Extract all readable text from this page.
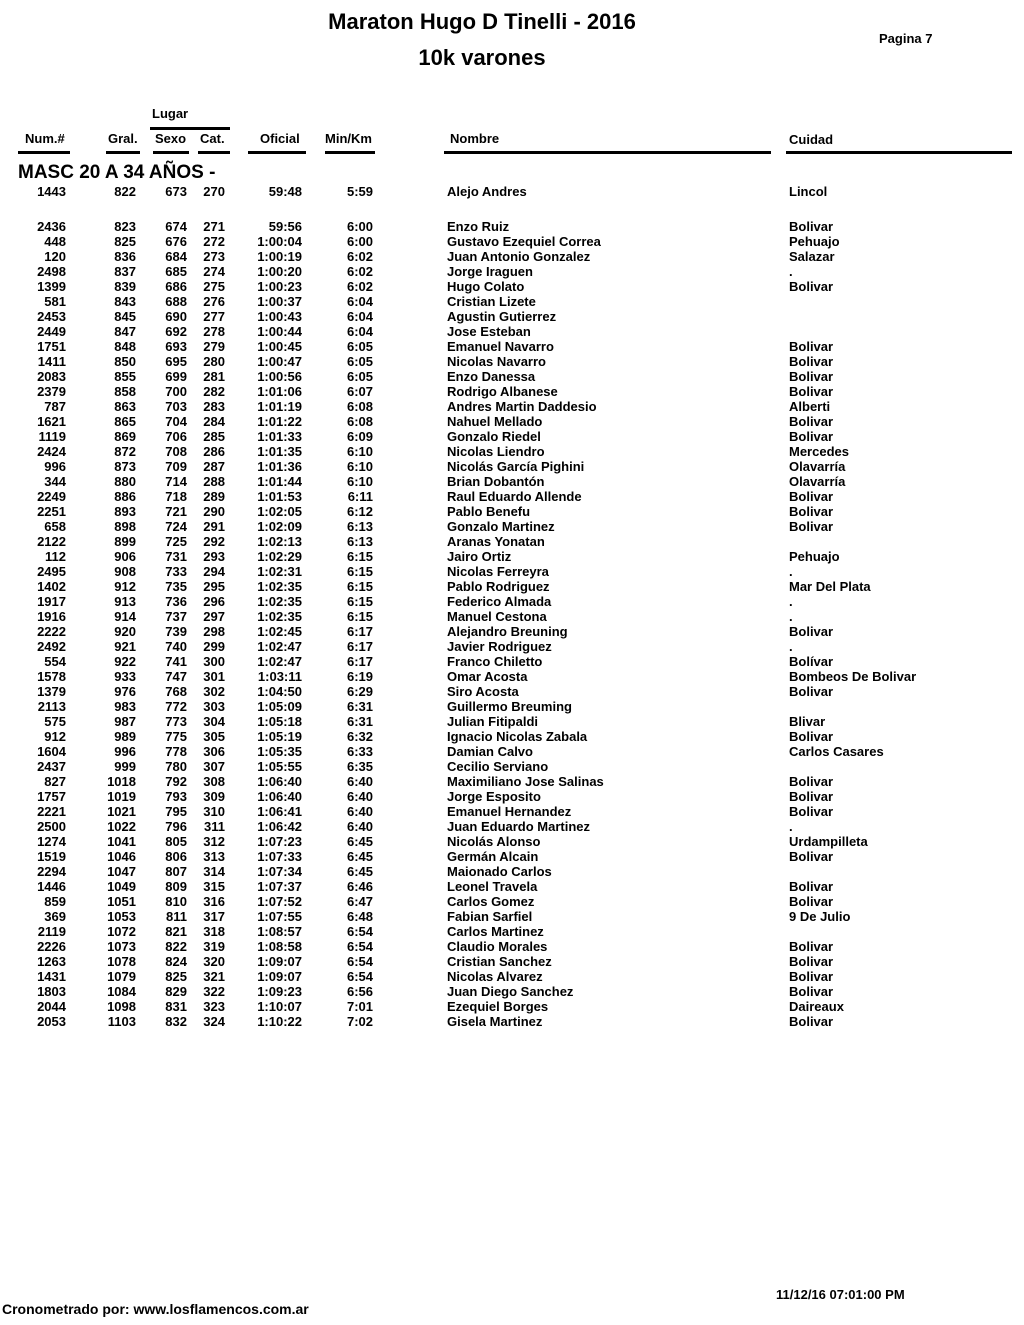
Maraton Hugo D Tinelli - 2016
10k varones
Pagina 7
Lugar
Num.#	Gral. Sexo Cat.	Oficial Min/Km	Nombre	Cuidad
MASC 20 A 34 AÑOS -
1443	822 673 270	59:48	5:59	Alejo Andres	Lincol
2436	823 674 271	59:56	6:00	Enzo Ruiz	Bolivar
448	825 676 272 1:00:04	6:00	Gustavo Ezequiel Correa	Pehuajo
120	836 684 273 1:00:19	6:02	Juan Antonio Gonzalez	Salazar
2498	837 685 274 1:00:20	6:02	Jorge Iraguen	.
1399	839 686 275 1:00:23	6:02	Hugo Colato	Bolivar
581	843 688 276 1:00:37	6:04	Cristian Lizete
2453	845 690 277 1:00:43	6:04	Agustin Gutierrez
2449	847 692 278 1:00:44	6:04	Jose Esteban
1751	848 693 279 1:00:45	6:05	Emanuel Navarro	Bolivar
1411	850 695 280 1:00:47	6:05	Nicolas Navarro	Bolivar
2083	855 699 281 1:00:56	6:05	Enzo Danessa	Bolivar
2379	858 700 282 1:01:06	6:07	Rodrigo Albanese	Bolivar
787	863 703 283 1:01:19	6:08	Andres Martin Daddesio	Alberti
1621	865 704 284 1:01:22	6:08	Nahuel Mellado	Bolivar
1119	869 706 285 1:01:33	6:09	Gonzalo Riedel	Bolivar
2424	872 708 286 1:01:35	6:10	Nicolas Liendro	Mercedes
996	873 709 287 1:01:36	6:10	Nicolás García Pighini	Olavarría
344	880 714 288 1:01:44	6:10	Brian Dobantón	Olavarría
2249	886 718 289 1:01:53	6:11	Raul Eduardo Allende	Bolivar
2251	893 721 290 1:02:05	6:12	Pablo Benefu	Bolivar
658	898 724 291 1:02:09	6:13	Gonzalo Martinez	Bolivar
2122	899 725 292 1:02:13	6:13	Aranas Yonatan
112	906 731 293 1:02:29	6:15	Jairo Ortiz	Pehuajo
2495	908 733 294 1:02:31	6:15	Nicolas Ferreyra	.
1402	912 735 295 1:02:35	6:15	Pablo Rodriguez	Mar Del Plata
1917	913 736 296 1:02:35	6:15	Federico Almada	.
1916	914 737 297 1:02:35	6:15	Manuel Cestona	.
2222	920 739 298 1:02:45	6:17	Alejandro Breuning	Bolivar
2492	921 740 299 1:02:47	6:17	Javier Rodriguez	.
554	922 741 300 1:02:47	6:17	Franco Chiletto	Bolívar
1578	933 747 301	1:03:11	6:19	Omar Acosta	Bombeos De Bolivar
1379	976 768 302 1:04:50	6:29	Siro Acosta	Bolivar
2113	983 772 303 1:05:09	6:31	Guillermo Breuming
575	987 773 304 1:05:18	6:31	Julian Fitipaldi	Blivar
912	989 775 305 1:05:19	6:32	Ignacio Nicolas Zabala	Bolivar
1604	996 778 306 1:05:35	6:33	Damian Calvo	Carlos Casares
2437	999 780 307 1:05:55	6:35	Cecilio Serviano
827	1018 792 308 1:06:40	6:40	Maximiliano Jose Salinas	Bolivar
1757	1019 793 309 1:06:40	6:40	Jorge Esposito	Bolivar
2221	1021 795 310 1:06:41	6:40	Emanuel Hernandez	Bolivar
2500	1022 796 311 1:06:42	6:40	Juan Eduardo Martinez	.
1274	1041 805 312 1:07:23	6:45	Nicolás Alonso	Urdampilleta
1519	1046 806 313 1:07:33	6:45	Germán Alcain	Bolivar
2294	1047 807 314 1:07:34	6:45	Maionado Carlos
1446	1049 809 315 1:07:37	6:46	Leonel Travela	Bolivar
859	1051 810 316 1:07:52	6:47	Carlos Gomez	Bolivar
369	1053 811 317 1:07:55	6:48	Fabian Sarfiel	9 De Julio
2119	1072 821 318 1:08:57	6:54	Carlos Martinez
2226	1073 822 319 1:08:58	6:54	Claudio Morales	Bolivar
1263	1078 824 320 1:09:07	6:54	Cristian Sanchez	Bolivar
1431	1079 825 321 1:09:07	6:54	Nicolas Alvarez	Bolivar
1803	1084 829 322 1:09:23	6:56	Juan Diego Sanchez	Bolivar
2044	1098 831 323 1:10:07	7:01	Ezequiel Borges	Daireaux
2053	1103 832 324 1:10:22	7:02	Gisela Martinez	Bolivar
Cronometrado por: www.losflamencos.com.ar
11/12/16 07:01:00 PM
